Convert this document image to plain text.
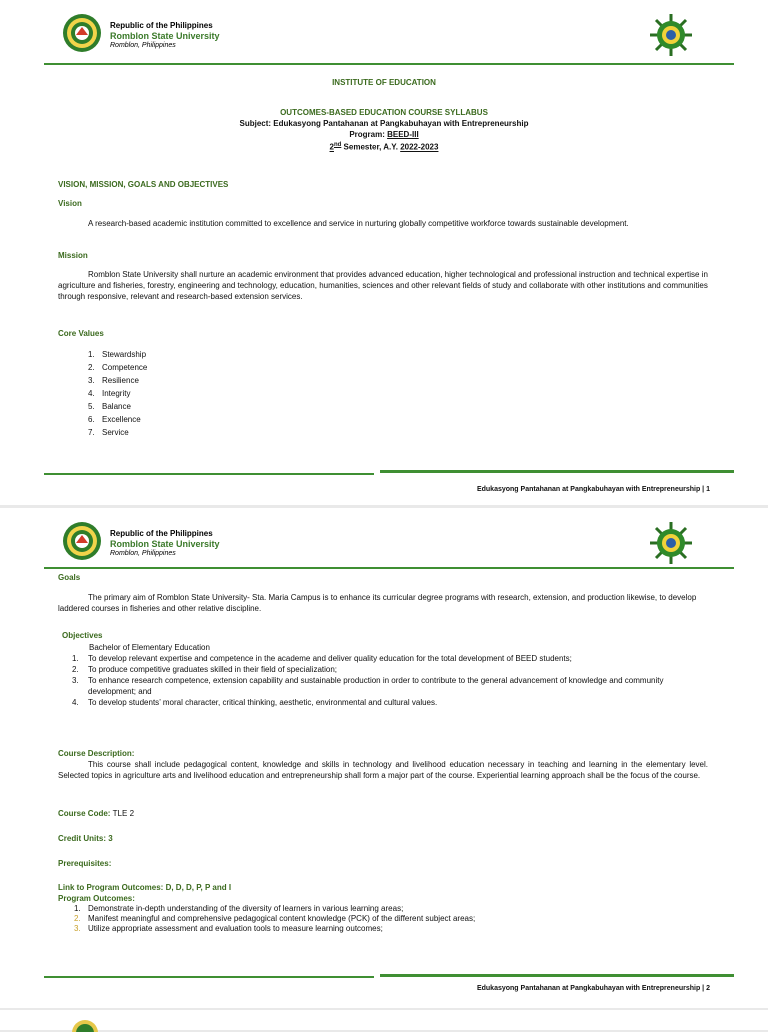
Republic of the Philippines
Romblon State University
Romblon, Philippines
INSTITUTE OF EDUCATION
OUTCOMES-BASED EDUCATION COURSE SYLLABUS
Subject: Edukasyong Pantahanan at Pangkabuhayan with Entrepreneurship
Program: BEED-III
2nd Semester, A.Y. 2022-2023
VISION, MISSION, GOALS AND OBJECTIVES
Vision
A research-based academic institution committed to excellence and service in nurturing globally competitive workforce towards sustainable development.
Mission
Romblon State University shall nurture an academic environment that provides advanced education, higher technological and professional instruction and technical expertise in agriculture and fisheries, forestry, engineering and technology, education, humanities, sciences and other relevant fields of study and collaborate with other institutions and communities through responsive, relevant and research-based extension services.
Core Values
1. Stewardship
2. Competence
3. Resilience
4. Integrity
5. Balance
6. Excellence
7. Service
Edukasyong Pantahanan at Pangkabuhayan with Entrepreneurship | 1
Republic of the Philippines
Romblon State University
Romblon, Philippines
Goals
The primary aim of Romblon State University- Sta. Maria Campus is to enhance its curricular degree programs with research, extension, and production likewise, to develop laddered courses in fisheries and other relative discipline.
Objectives
Bachelor of Elementary Education
1.	To develop relevant expertise and competence in the academe and deliver quality education for the total development of BEED students;
2.	To produce competitive graduates skilled in their field of specialization;
3.	To enhance research competence, extension capability and sustainable production in order to contribute to the general advancement of knowledge and community development; and
4.	To develop students’ moral character, critical thinking, aesthetic, environmental and cultural values.
Course Description:
This course shall include pedagogical content, knowledge and skills in technology and livelihood education necessary in teaching and learning in the elementary level. Selected topics in agriculture arts and livelihood education and entrepreneurship shall form a major part of the course. Experiential learning approach shall be the focus of the course.
Course Code: TLE 2
Credit Units: 3
Prerequisites:
Link to Program Outcomes: D, D, D, P, P and I
Program Outcomes:
1. Demonstrate in-depth understanding of the diversity of learners in various learning areas;
2. Manifest meaningful and comprehensive pedagogical content knowledge (PCK) of the different subject areas;
3. Utilize appropriate assessment and evaluation tools to measure learning outcomes;
Edukasyong Pantahanan at Pangkabuhayan with Entrepreneurship | 2
